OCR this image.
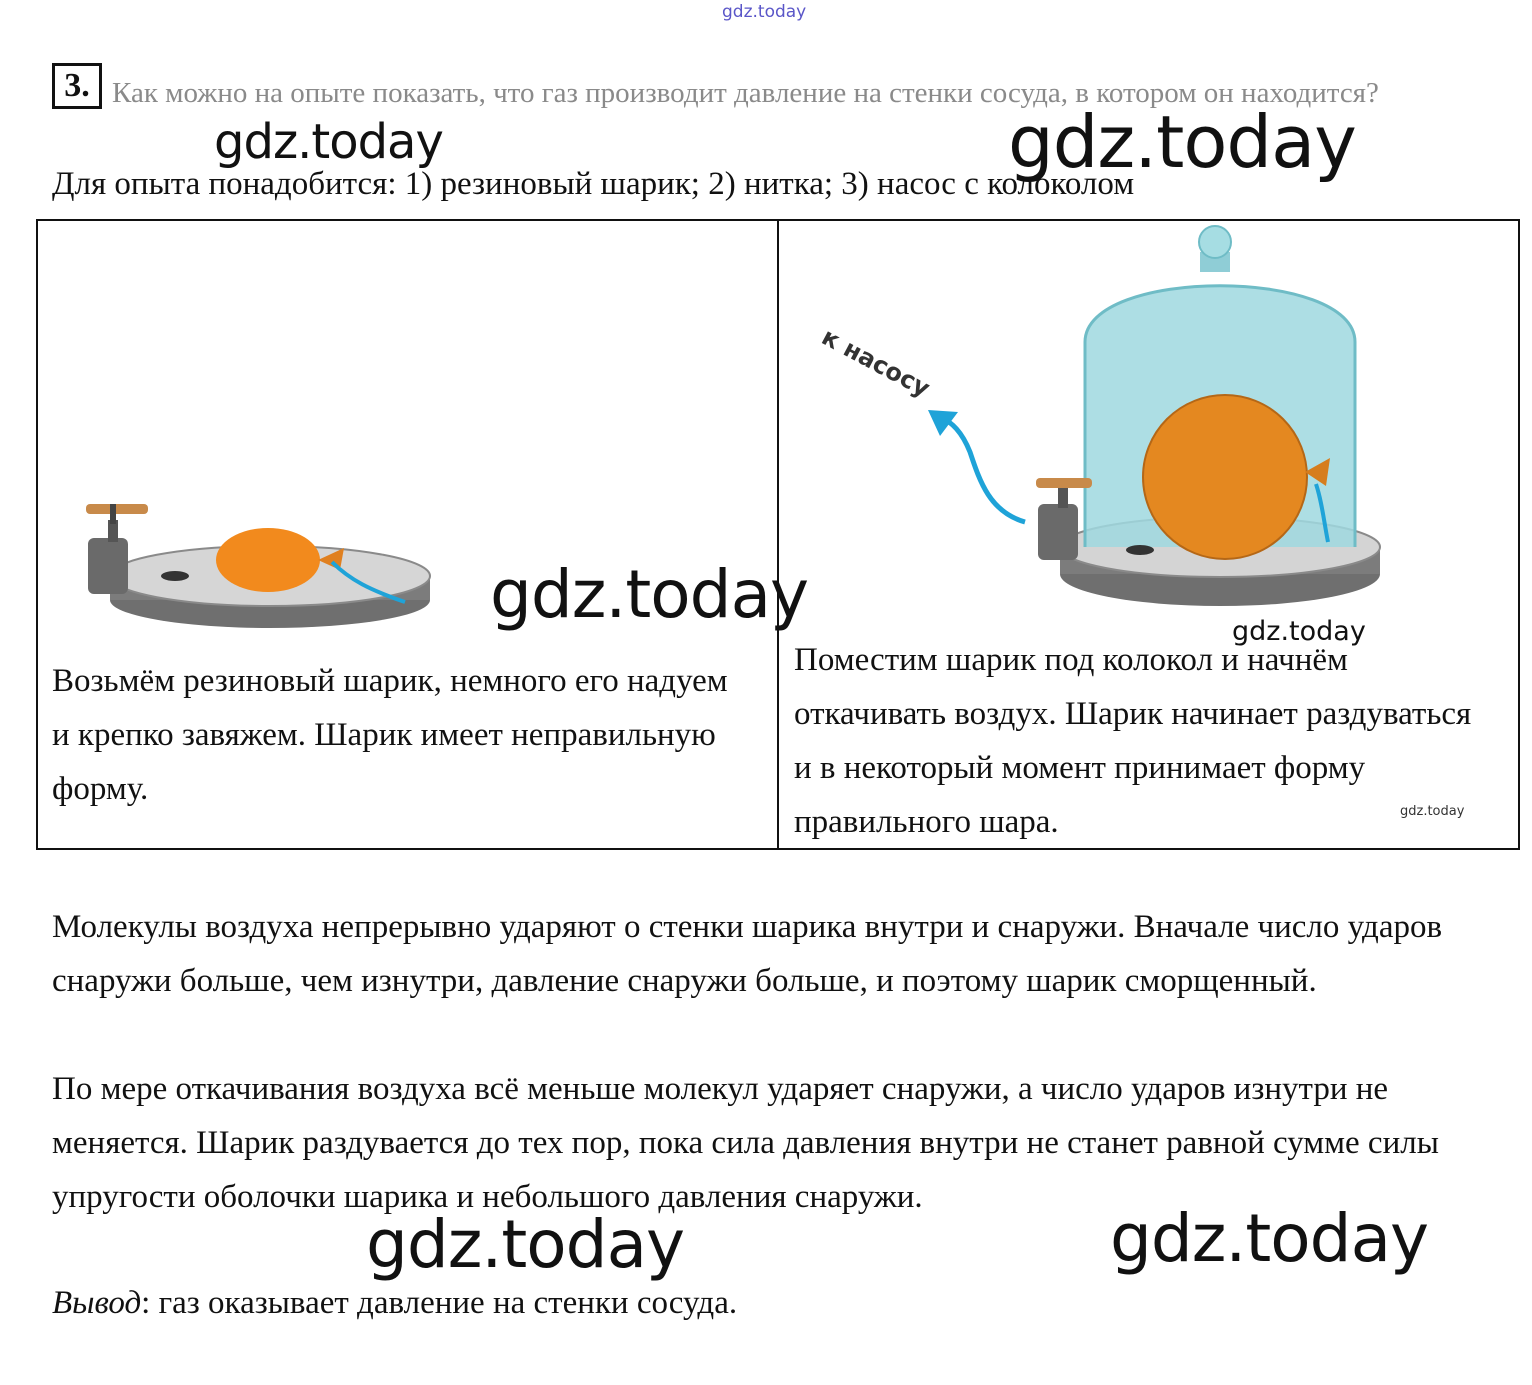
gdz.today
Как можно на опыте показать, что газ производит давление на стенки сосуда, в котором он находится?
3.
gdz.today	gdz.today
Для опыта понадобится: 1) резиновый шарик; 2) нитка; 3) насос с колоколом
к насосу
gdz.today	gdz.today
Возьмём резиновый шарик, немного его надуем и крепко завяжем. Шарик имеет неправильную форму.
Поместим шарик под колокол и начнём откачивать воздух. Шарик начинает раздуваться и в некоторый момент принимает форму правильного шара.	gdz.today
Молекулы воздуха непрерывно ударяют о стенки шарика внутри и снаружи. Вначале число ударов снаружи больше, чем изнутри, давление снаружи больше, и поэтому шарик сморщенный.
По мере откачивания воздуха всё меньше молекул ударяет снаружи, а число ударов изнутри не меняется. Шарик раздувается до тех пор, пока сила давления внутри не станет равной сумме силы упругости оболочки шарика и небольшого давления снаружи.
Вывод: газ оказывает давление на стенки сосуда.
gdz.today	gdz.today
